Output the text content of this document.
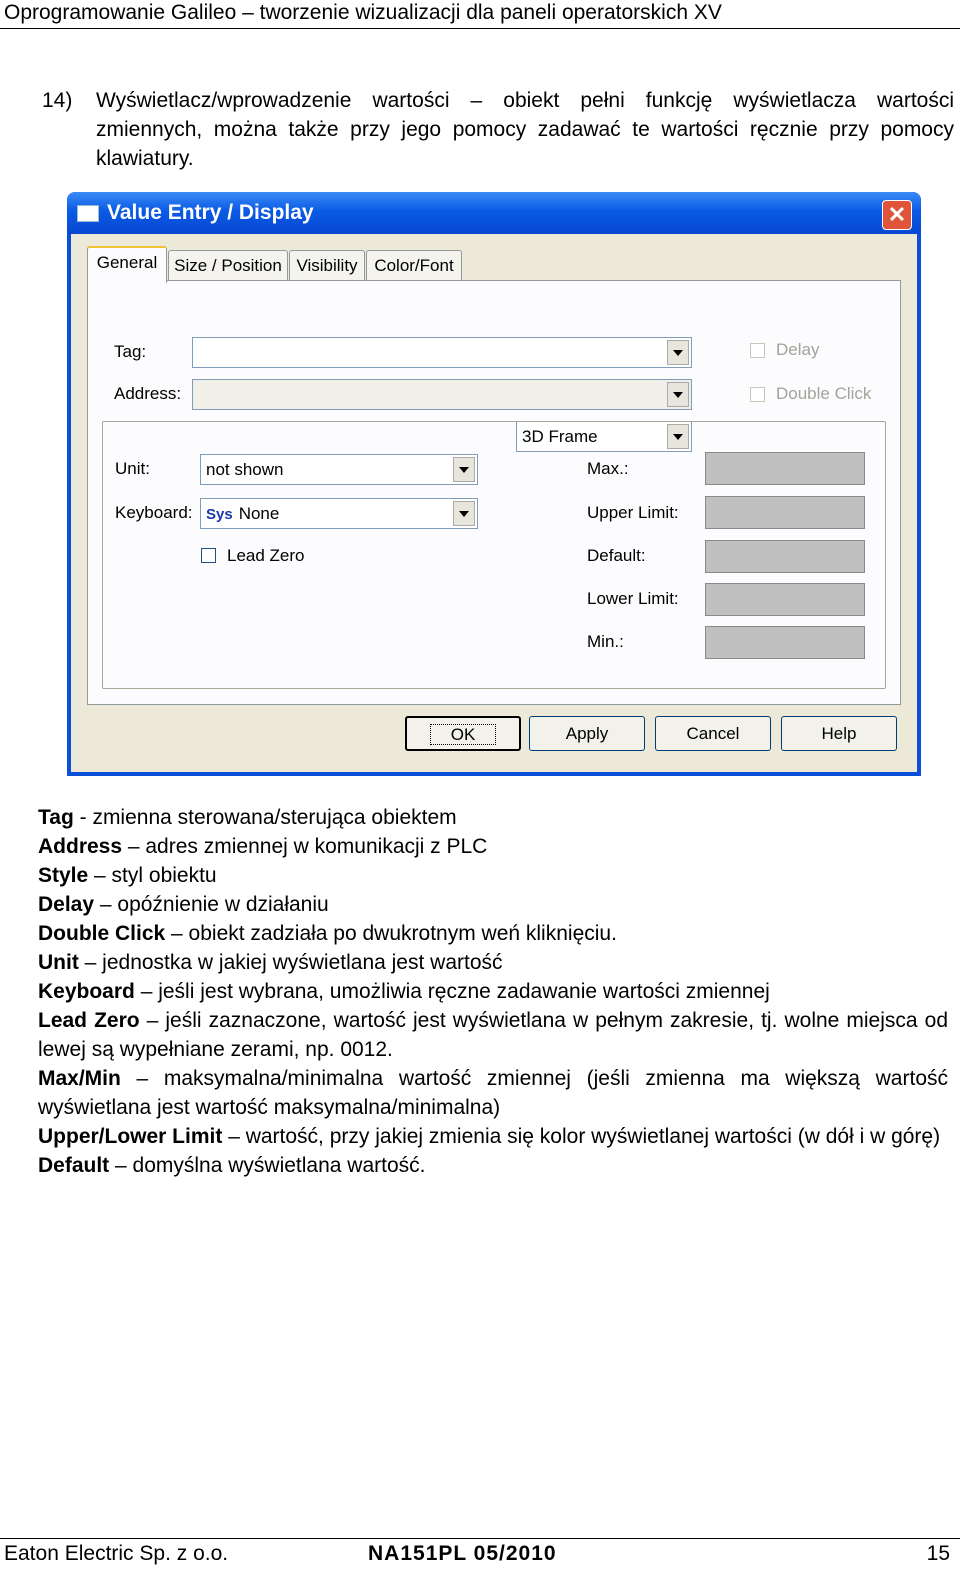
Oprogramowanie Galileo – tworzenie wizualizacji dla paneli operatorskich XV
14) Wyświetlacz/wprowadzenie wartości – obiekt pełni funkcję wyświetlacza wartości zmiennych, można także przy jego pomocy zadawać te wartości ręcznie przy pomocy klawiatury.
Value Entry / Display	✕
General Size / Position Visibility Color/Font
Tag:
Address:
3D Frame
Delay
Double Click
Unit:	not shown
Keyboard: Sys None
Lead Zero
Max.:
Upper Limit:
Default:
Lower Limit:
Min.:
OK	Apply	Cancel	Help

Tag - zmienna sterowana/sterująca obiektem

Address – adres zmiennej w komunikacji z PLC

Style – styl obiektu

Delay – opóźnienie w działaniu

Double Click – obiekt zadziała po dwukrotnym weń kliknięciu.

Unit – jednostka w jakiej wyświetlana jest wartość

Keyboard – jeśli jest wybrana, umożliwia ręczne zadawanie wartości zmiennej

Lead Zero – jeśli zaznaczone, wartość jest wyświetlana w pełnym zakresie, tj. wolne miejsca od lewej są wypełniane zerami, np. 0012.

Max/Min – maksymalna/minimalna wartość zmiennej (jeśli zmienna ma większą wartość wyświetlana jest wartość maksymalna/minimalna)

Upper/Lower Limit – wartość, przy jakiej zmienia się kolor wyświetlanej wartości (w dół i w górę)

Default – domyślna wyświetlana wartość.

Eaton Electric Sp. z o.o.	NA151PL 05/2010	15
